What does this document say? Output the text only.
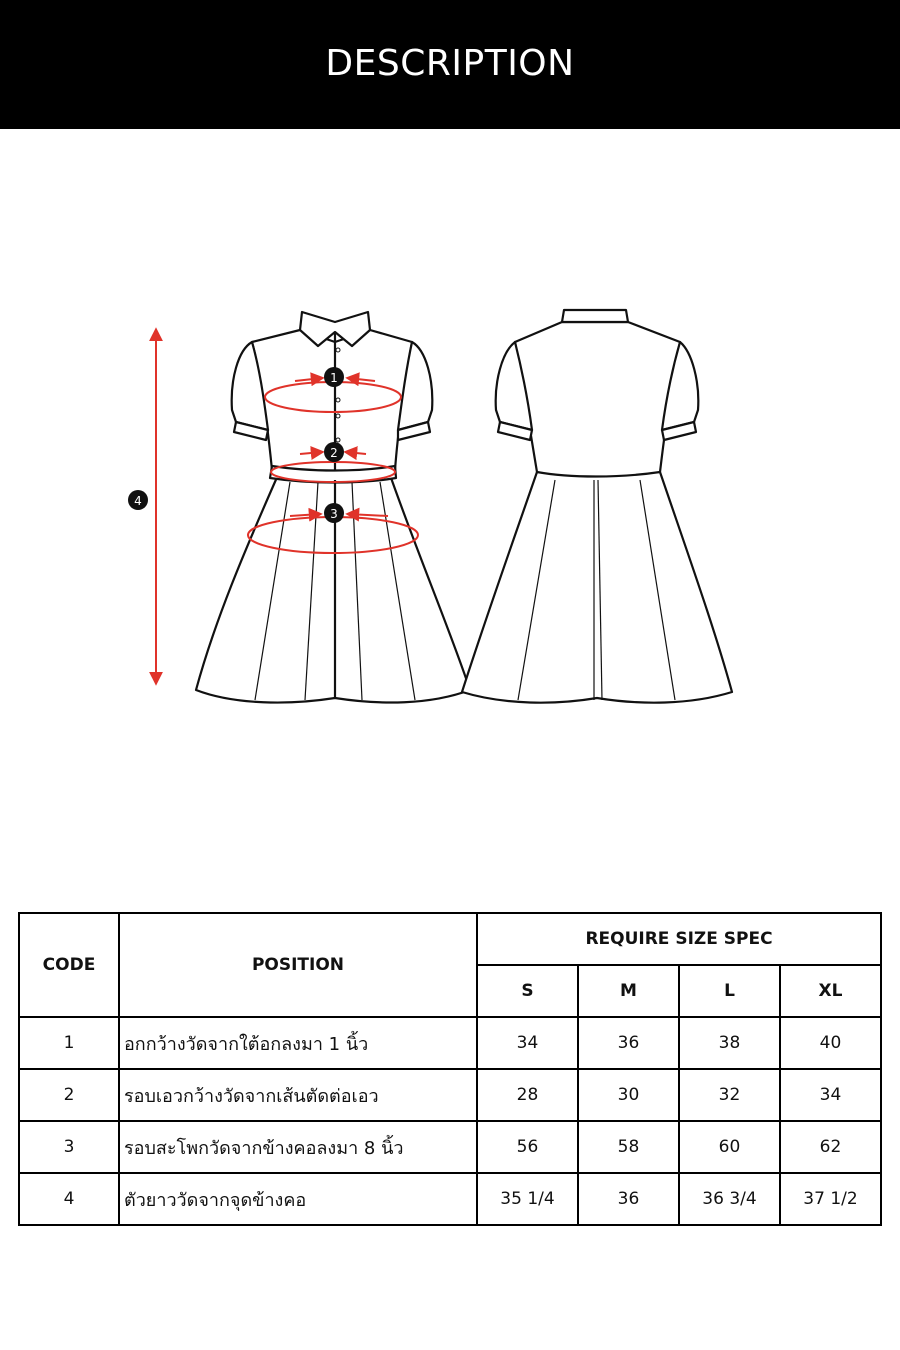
DESCRIPTION
1
2
3
4
CODE	POSITION	REQUIRE SIZE SPEC			
		S	M	L	XL
1	อกกว้างวัดจากใต้อกลงมา 1 นิ้ว	34	36	38	40
2	รอบเอวกว้างวัดจากเส้นตัดต่อเอว	28	30	32	34
3	รอบสะโพกวัดจากข้างคอลงมา 8 นิ้ว	56	58	60	62
4	ตัวยาววัดจากจุดข้างคอ	35 1/4	36	36 3/4	37 1/2
